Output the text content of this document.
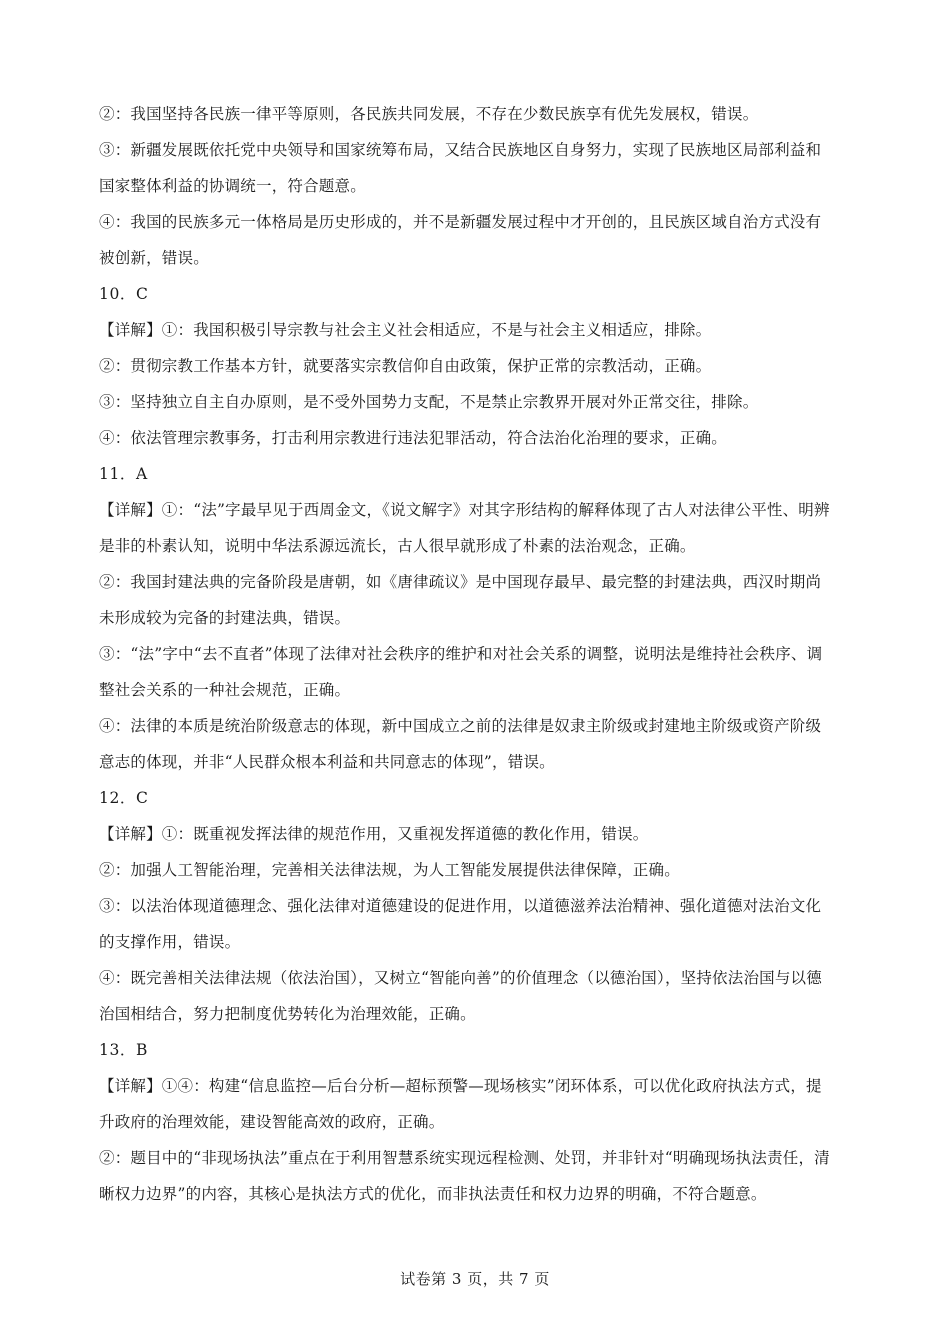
②：我国坚持各民族一律平等原则，各民族共同发展，不存在少数民族享有优先发展权，错误。
③：新疆发展既依托党中央领导和国家统筹布局，又结合民族地区自身努力，实现了民族地区局部利益和
国家整体利益的协调统一，符合题意。
④：我国的民族多元一体格局是历史形成的，并不是新疆发展过程中才开创的，且民族区域自治方式没有
被创新，错误。
10．C
【详解】①：我国积极引导宗教与社会主义社会相适应，不是与社会主义相适应，排除。
②：贯彻宗教工作基本方针，就要落实宗教信仰自由政策，保护正常的宗教活动，正确。
③：坚持独立自主自办原则，是不受外国势力支配，不是禁止宗教界开展对外正常交往，排除。
④：依法管理宗教事务，打击利用宗教进行违法犯罪活动，符合法治化治理的要求，正确。
11．A
【详解】①：“法”字最早见于西周金文，《说文解字》对其字形结构的解释体现了古人对法律公平性、明辨
是非的朴素认知，说明中华法系源远流长，古人很早就形成了朴素的法治观念，正确。
②：我国封建法典的完备阶段是唐朝，如《唐律疏议》是中国现存最早、最完整的封建法典，西汉时期尚
未形成较为完备的封建法典，错误。
③：“法”字中“去不直者”体现了法律对社会秩序的维护和对社会关系的调整，说明法是维持社会秩序、调
整社会关系的一种社会规范，正确。
④：法律的本质是统治阶级意志的体现，新中国成立之前的法律是奴隶主阶级或封建地主阶级或资产阶级
意志的体现，并非“人民群众根本利益和共同意志的体现”，错误。
12．C
【详解】①：既重视发挥法律的规范作用，又重视发挥道德的教化作用，错误。
②：加强人工智能治理，完善相关法律法规，为人工智能发展提供法律保障，正确。
③：以法治体现道德理念、强化法律对道德建设的促进作用，以道德滋养法治精神、强化道德对法治文化
的支撑作用，错误。
④：既完善相关法律法规（依法治国），又树立“智能向善”的价值理念（以德治国），坚持依法治国与以德
治国相结合，努力把制度优势转化为治理效能，正确。
13．B
【详解】①④：构建“信息监控—后台分析—超标预警—现场核实”闭环体系，可以优化政府执法方式，提
升政府的治理效能，建设智能高效的政府，正确。
②：题目中的“非现场执法”重点在于利用智慧系统实现远程检测、处罚，并非针对“明确现场执法责任，清
晰权力边界”的内容，其核心是执法方式的优化，而非执法责任和权力边界的明确，不符合题意。
试卷第 3 页，共 7 页
